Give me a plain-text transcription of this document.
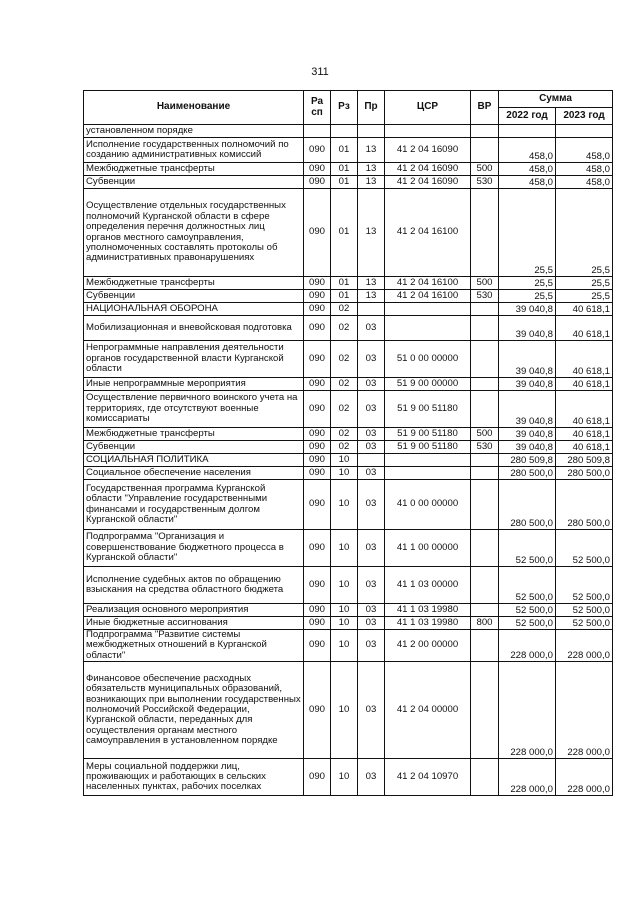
311
Наименование	Ра
сп	Рз	Пр	ЦСР	ВР	Сумма	
						2022 год	2023 год
установленном порядке							
Исполнение государственных полномочий по созданию административных комиссий	090	01	13	41 2 04 16090		458,0	458,0
Межбюджетные трансферты	090	01	13	41 2 04 16090	500	458,0	458,0
Субвенции	090	01	13	41 2 04 16090	530	458,0	458,0
Осуществление отдельных государственных полномочий Курганской области в сфере определения перечня должностных лиц органов местного самоуправления, уполномоченных составлять протоколы об административных правонарушениях	090	01	13	41 2 04 16100		25,5	25,5
Межбюджетные трансферты	090	01	13	41 2 04 16100	500	25,5	25,5
Субвенции	090	01	13	41 2 04 16100	530	25,5	25,5
НАЦИОНАЛЬНАЯ ОБОРОНА	090	02				39 040,8	40 618,1
Мобилизационная и вневойсковая подготовка	090	02	03			39 040,8	40 618,1
Непрограммные направления деятельности органов государственной власти Курганской области	090	02	03	51 0 00 00000		39 040,8	40 618,1
Иные непрограммные мероприятия	090	02	03	51 9 00 00000		39 040,8	40 618,1
Осуществление первичного воинского учета на территориях, где отсутствуют военные комиссариаты	090	02	03	51 9 00 51180		39 040,8	40 618,1
Межбюджетные трансферты	090	02	03	51 9 00 51180	500	39 040,8	40 618,1
Субвенции	090	02	03	51 9 00 51180	530	39 040,8	40 618,1
СОЦИАЛЬНАЯ ПОЛИТИКА	090	10				280 509,8	280 509,8
Социальное обеспечение населения	090	10	03			280 500,0	280 500,0
Государственная программа Курганской области "Управление государственными финансами и государственным долгом Курганской области"	090	10	03	41 0 00 00000		280 500,0	280 500,0
Подпрограмма "Организация и совершенствование бюджетного процесса в Курганской области"	090	10	03	41 1 00 00000		52 500,0	52 500,0
Исполнение судебных актов по обращению взыскания на средства областного бюджета	090	10	03	41 1 03 00000		52 500,0	52 500,0
Реализация основного мероприятия	090	10	03	41 1 03 19980		52 500,0	52 500,0
Иные бюджетные ассигнования	090	10	03	41 1 03 19980	800	52 500,0	52 500,0
Подпрограмма "Развитие системы межбюджетных отношений в Курганской области"	090	10	03	41 2 00 00000		228 000,0	228 000,0
Финансовое обеспечение расходных обязательств муниципальных образований, возникающих при выполнении государственных полномочий Российской Федерации, Курганской области, переданных для осуществления органам местного самоуправления в установленном порядке	090	10	03	41 2 04 00000		228 000,0	228 000,0
Меры социальной поддержки лиц, проживающих и работающих в сельских населенных пунктах, рабочих поселках	090	10	03	41 2 04 10970		228 000,0	228 000,0
